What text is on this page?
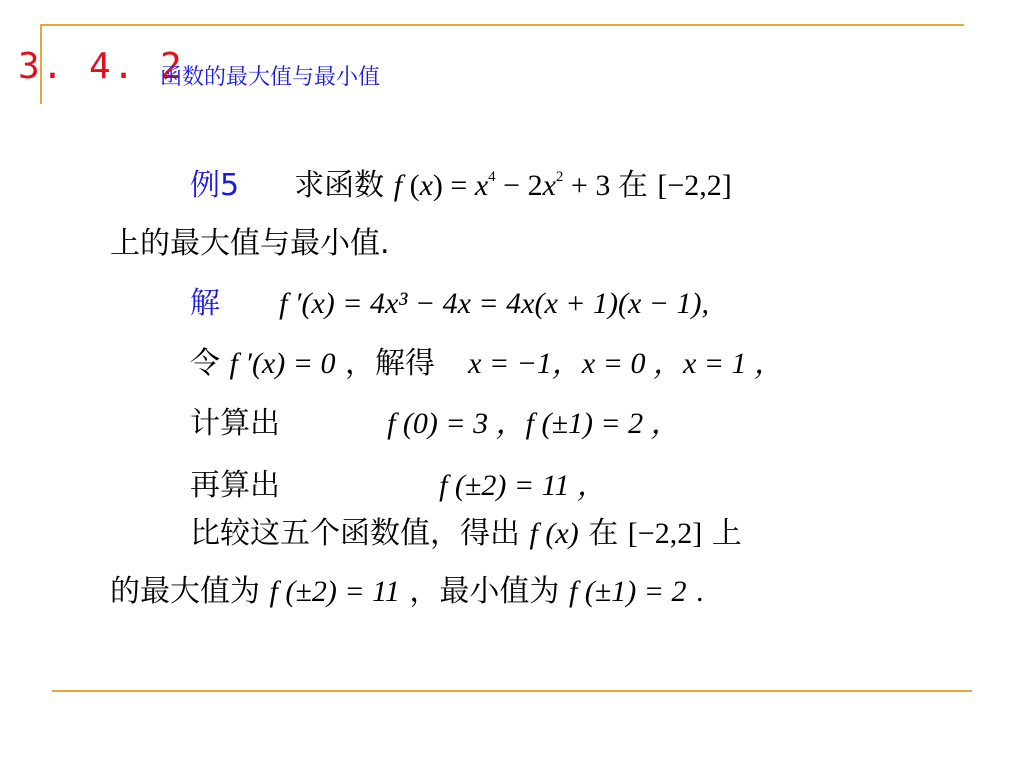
3. 4. 2
函数的最大值与最小值
例5 求函数 f $(x) = x^4 - 2x^2 + 3$ 在 [−2,2]
上的最大值与最小值.
解 f ′(x) = 4x³ − 4x = 4x(x + 1)(x − 1),
令 f ′(x) = 0 ，解得 x = −1，x = 0 ，x = 1 ，
计算出	f (0) = 3 ，f (±1) = 2 ，
再算出	f (±2) = 11 ，
比较这五个函数值，得出 f (x) 在 [−2,2] 上
的最大值为 f (±2) = 11 ，最小值为 f (±1) = 2 .
